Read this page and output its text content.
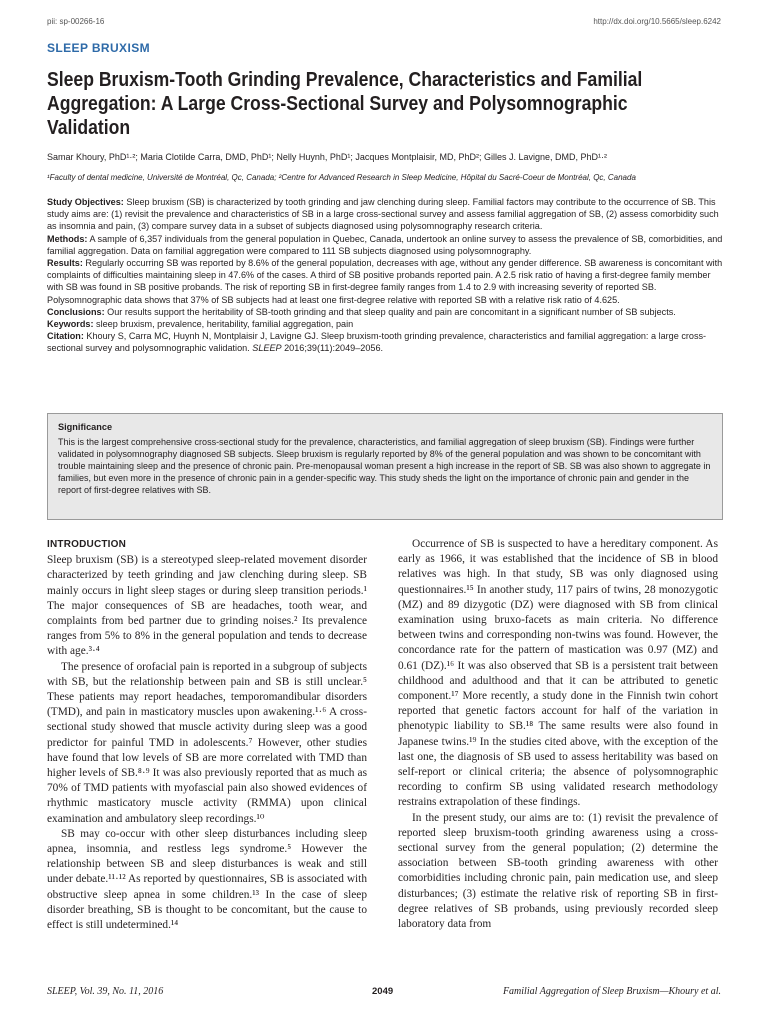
pii: sp-00266-16	http://dx.doi.org/10.5665/sleep.6242
SLEEP BRUXISM
Sleep Bruxism-Tooth Grinding Prevalence, Characteristics and Familial
Aggregation: A Large Cross-Sectional Survey and Polysomnographic
Validation
Samar Khoury, PhD¹·²; Maria Clotilde Carra, DMD, PhD¹; Nelly Huynh, PhD¹; Jacques Montplaisir, MD, PhD²; Gilles J. Lavigne, DMD, PhD¹·²
¹Faculty of dental medicine, Université de Montréal, Qc, Canada; ²Centre for Advanced Research in Sleep Medicine, Hôpital du Sacré-Coeur de Montréal, Qc, Canada

Study Objectives: Sleep bruxism (SB) is characterized by tooth grinding and jaw clenching during sleep. Familial factors may contribute to the occurrence of SB. This study aims are: (1) revisit the prevalence and characteristics of SB in a large cross-sectional survey and assess familial aggregation of SB, (2) assess comorbidity such as insomnia and pain, (3) compare survey data in a subset of subjects diagnosed using polysomnography research criteria.

Methods: A sample of 6,357 individuals from the general population in Quebec, Canada, undertook an online survey to assess the prevalence of SB, comorbidities, and familial aggregation. Data on familial aggregation were compared to 111 SB subjects diagnosed using polysomnography.

Results: Regularly occurring SB was reported by 8.6% of the general population, decreases with age, without any gender difference. SB awareness is concomitant with complaints of difficulties maintaining sleep in 47.6% of the cases. A third of SB positive probands reported pain. A 2.5 risk ratio of having a first-degree family member with SB was found in SB positive probands. The risk of reporting SB in first-degree family ranges from 1.4 to 2.9 with increasing severity of reported SB. Polysomnographic data shows that 37% of SB subjects had at least one first-degree relative with reported SB with a relative risk ratio of 4.625.

Conclusions: Our results support the heritability of SB-tooth grinding and that sleep quality and pain are concomitant in a significant number of SB subjects.

Keywords: sleep bruxism, prevalence, heritability, familial aggregation, pain

Citation: Khoury S, Carra MC, Huynh N, Montplaisir J, Lavigne GJ. Sleep bruxism-tooth grinding prevalence, characteristics and familial aggregation: a large cross-sectional survey and polysomnographic validation. SLEEP 2016;39(11):2049–2056.

Significance
This is the largest comprehensive cross-sectional study for the prevalence, characteristics, and familial aggregation of sleep bruxism (SB). Findings were further validated in polysomnography diagnosed SB subjects. Sleep bruxism is regularly reported by 8% of the general population and was shown to be concomitant with trouble maintaining sleep and the presence of chronic pain. Pre-menopausal woman present a high increase in the report of SB. SB was also shown to aggregate in families, but even more in the presence of chronic pain in a gender-specific way. This study sheds the light on the importance of chronic pain and gender in the report of first-degree relatives with SB.
INTRODUCTION

Sleep bruxism (SB) is a stereotyped sleep-related movement disorder characterized by teeth grinding and jaw clenching during sleep. SB mainly occurs in light sleep stages or during sleep transition periods.¹ The major consequences of SB are headaches, tooth wear, and complaints from bed partner due to grinding noises.² Its prevalence ranges from 5% to 8% in the general population and tends to decrease with age.³·⁴

The presence of orofacial pain is reported in a subgroup of subjects with SB, but the relationship between pain and SB is still unclear.⁵ These patients may report headaches, temporomandibular disorders (TMD), and pain in masticatory muscles upon awakening.¹·⁶ A cross-sectional study showed that muscle activity during sleep was a good predictor for painful TMD in adolescents.⁷ However, other studies have found that low levels of SB are more correlated with TMD than higher levels of SB.⁸·⁹ It was also previously reported that as much as 70% of TMD patients with myofascial pain also showed evidences of rhythmic masticatory muscle activity (RMMA) upon clinical examination and ambulatory sleep recordings.¹⁰

SB may co-occur with other sleep disturbances including sleep apnea, insomnia, and restless legs syndrome.⁵ However the relationship between SB and sleep disturbances is weak and still under debate.¹¹·¹² As reported by questionnaires, SB is associated with obstructive sleep apnea in some children.¹³ In the case of sleep disorder breathing, SB is thought to be concomitant, but the cause to effect is still undetermined.¹⁴

Occurrence of SB is suspected to have a hereditary component. As early as 1966, it was established that the incidence of SB in blood relatives was high. In that study, SB was only diagnosed using questionnaires.¹⁵ In another study, 117 pairs of twins, 28 monozygotic (MZ) and 89 dizygotic (DZ) were diagnosed with SB from clinical examination using bruxo-facets as main criteria. No difference between twins and corresponding non-twins was found. However, the concordance rate for the pattern of mastication was 0.97 (MZ) and 0.61 (DZ).¹⁶ It was also observed that SB is a persistent trait between childhood and adulthood and that it can be attributed to genetic component.¹⁷ More recently, a study done in the Finnish twin cohort reported that genetic factors account for half of the variation in phenotypic liability to SB.¹⁸ The same results were also found in Japanese twins.¹⁹ In the studies cited above, with the exception of the last one, the diagnosis of SB used to assess heritability was based on self-report or clinical criteria; the absence of polysomnographic recording to confirm SB using validated research methodology restrains extrapolation of these findings.

In the present study, our aims are to: (1) revisit the prevalence of reported sleep bruxism-tooth grinding awareness using a cross-sectional survey from the general population; (2) determine the association between SB-tooth grinding awareness with other comorbidities including chronic pain, pain medication use, and sleep disturbances; (3) estimate the relative risk of reporting SB in first-degree relatives of SB probands, using previously recorded sleep laboratory data from

SLEEP, Vol. 39, No. 11, 2016	2049	Familial Aggregation of Sleep Bruxism—Khoury et al.
